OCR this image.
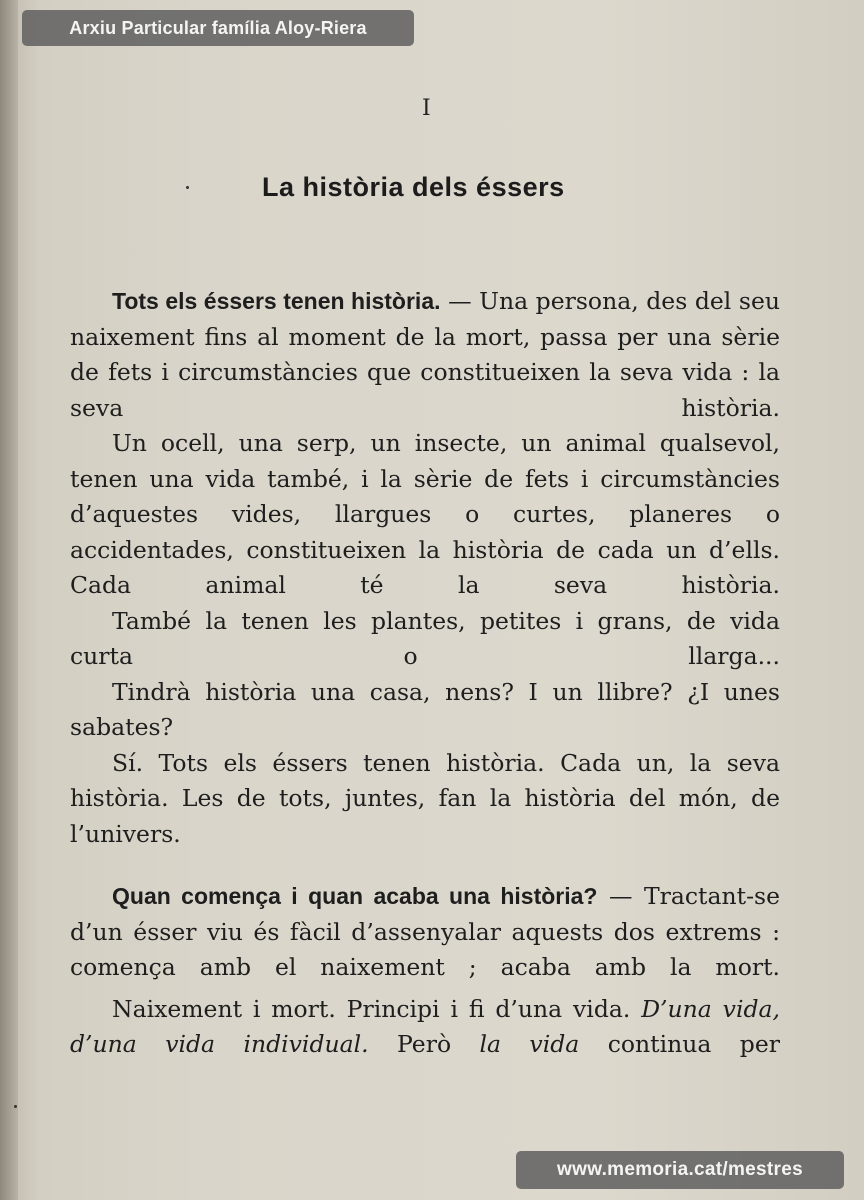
Arxiu Particular família Aloy-Riera
I
La història dels éssers

Tots els éssers tenen història. — Una persona, des del seu naixement fins al moment de la mort, passa per una sèrie de fets i circumstàncies que constitueixen la seva vida : la seva història.

Un ocell, una serp, un insecte, un animal qualsevol, tenen una vida també, i la sèrie de fets i circumstàncies d’aquestes vides, llargues o curtes, planeres o accidentades, constitueixen la història de cada un d’ells. Cada animal té la seva història.

També la tenen les plantes, petites i grans, de vida curta o llarga...

Tindrà història una casa, nens? I un llibre? ¿I unes sabates?

Sí. Tots els éssers tenen història. Cada un, la seva història. Les de tots, juntes, fan la història del món, de l’univers.

Quan comença i quan acaba una història? — Tractant-se d’un ésser viu és fàcil d’assenyalar aquests dos extrems : comença amb el naixement ; acaba amb la mort.

Naixement i mort. Principi i fi d’una vida. D’una vida, d’una vida individual. Però la vida continua per

www.memoria.cat/mestres
